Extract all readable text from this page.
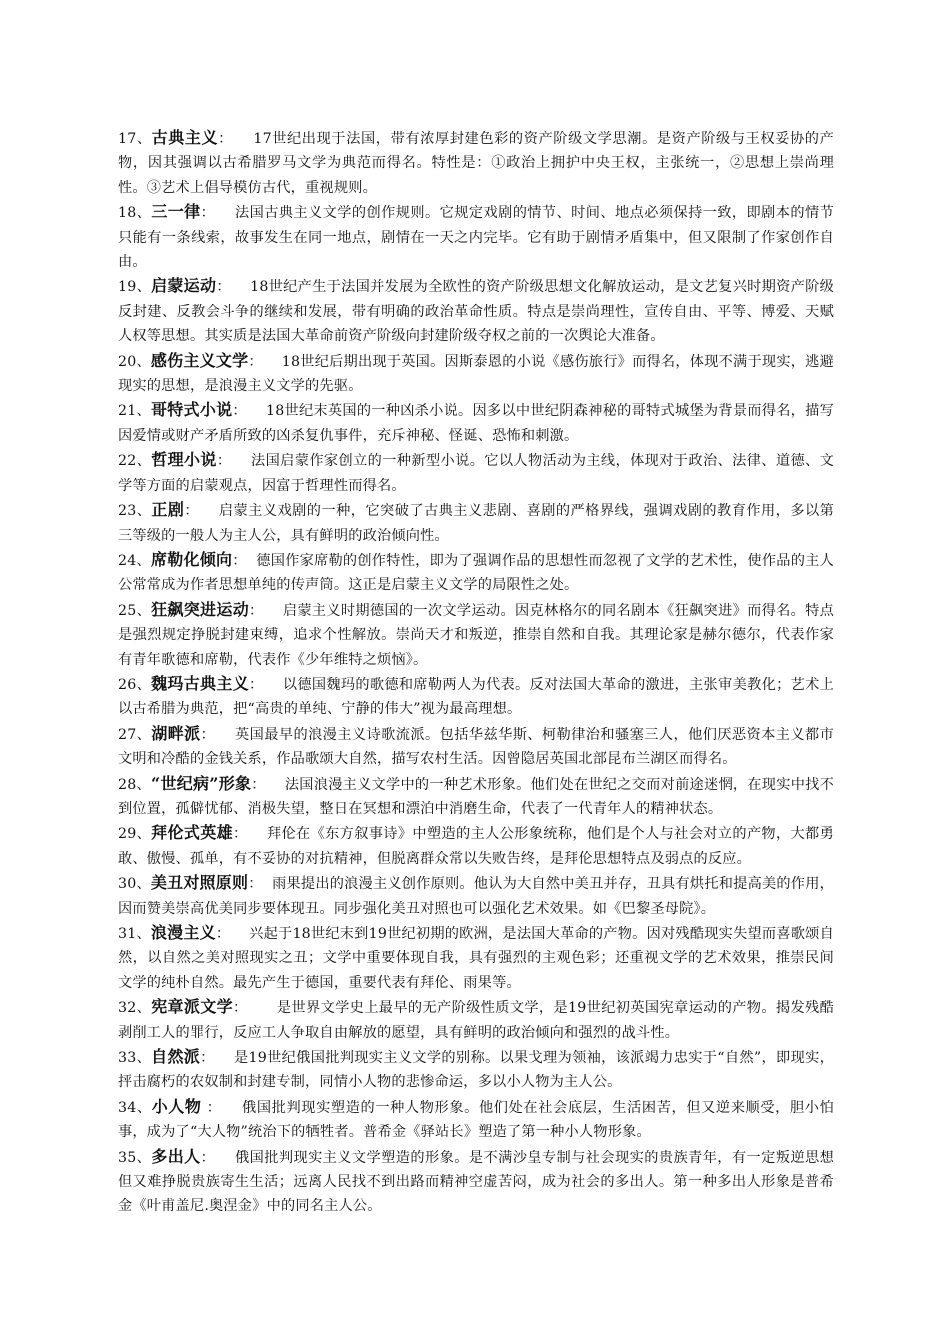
17、古典主义：    17世纪出现于法国，带有浓厚封建色彩的资产阶级文学思潮。是资产阶级与王权妥协的产物，因其强调以古希腊罗马文学为典范而得名。特性是：①政治上拥护中央王权，主张统一，②思想上崇尚理性。③艺术上倡导模仿古代，重视规则。

18、三一律：    法国古典主义文学的创作规则。它规定戏剧的情节、时间、地点必须保持一致，即剧本的情节只能有一条线索，故事发生在同一地点，剧情在一天之内完毕。它有助于剧情矛盾集中，但又限制了作家创作自由。

19、启蒙运动：    18世纪产生于法国并发展为全欧性的资产阶级思想文化解放运动，是文艺复兴时期资产阶级反封建、反教会斗争的继续和发展，带有明确的政治革命性质。特点是崇尚理性，宣传自由、平等、博爱、天赋人权等思想。其实质是法国大革命前资产阶级向封建阶级夺权之前的一次舆论大准备。

20、感伤主义文学：    18世纪后期出现于英国。因斯泰恩的小说《感伤旅行》而得名，体现不满于现实，逃避现实的思想，是浪漫主义文学的先驱。

21、哥特式小说：    18世纪末英国的一种凶杀小说。因多以中世纪阴森神秘的哥特式城堡为背景而得名，描写因爱情或财产矛盾所致的凶杀复仇事件，充斥神秘、怪诞、恐怖和刺激。

22、哲理小说：    法国启蒙作家创立的一种新型小说。它以人物活动为主线，体现对于政治、法律、道德、文学等方面的启蒙观点，因富于哲理性而得名。

23、正剧：    启蒙主义戏剧的一种，它突破了古典主义悲剧、喜剧的严格界线，强调戏剧的教育作用，多以第三等级的一般人为主人公，具有鲜明的政治倾向性。

24、席勒化倾向：  德国作家席勒的创作特性，即为了强调作品的思想性而忽视了文学的艺术性，使作品的主人公常常成为作者思想单纯的传声筒。这正是启蒙主义文学的局限性之处。

25、狂飙突进运动：    启蒙主义时期德国的一次文学运动。因克林格尔的同名剧本《狂飙突进》而得名。特点是强烈规定挣脱封建束缚，追求个性解放。崇尚天才和叛逆，推崇自然和自我。其理论家是赫尔德尔，代表作家有青年歌德和席勒，代表作《少年维特之烦恼》。

26、魏玛古典主义：    以德国魏玛的歌德和席勒两人为代表。反对法国大革命的激进，主张审美教化；艺术上以古希腊为典范，把“高贵的单纯、宁静的伟大”视为最高理想。

27、湖畔派：    英国最早的浪漫主义诗歌流派。包括华兹华斯、柯勒律治和骚塞三人，他们厌恶资本主义都市文明和冷酷的金钱关系，作品歌颂大自然，描写农村生活。因曾隐居英国北部昆布兰湖区而得名。

28、“世纪病”形象：    法国浪漫主义文学中的一种艺术形象。他们处在世纪之交而对前途迷惘，在现实中找不到位置，孤僻忧郁、消极失望，整日在冥想和漂泊中消磨生命，代表了一代青年人的精神状态。

29、拜伦式英雄：    拜伦在《东方叙事诗》中塑造的主人公形象统称，他们是个人与社会对立的产物，大都勇敢、傲慢、孤单，有不妥协的对抗精神，但脱离群众常以失败告终，是拜伦思想特点及弱点的反应。

30、美丑对照原则：  雨果提出的浪漫主义创作原则。他认为大自然中美丑并存，丑具有烘托和提高美的作用，因而赞美崇高优美同步要体现丑。同步强化美丑对照也可以强化艺术效果。如《巴黎圣母院》。

31、浪漫主义：    兴起于18世纪末到19世纪初期的欧洲，是法国大革命的产物。因对残酷现实失望而喜歌颂自然，以自然之美对照现实之丑；文学中重要体现自我，具有强烈的主观色彩；还重视文学的艺术效果，推崇民间文学的纯朴自然。最先产生于德国，重要代表有拜伦、雨果等。

32、宪章派文学：      是世界文学史上最早的无产阶级性质文学，是19世纪初英国宪章运动的产物。揭发残酷剥削工人的罪行，反应工人争取自由解放的愿望，具有鲜明的政治倾向和强烈的战斗性。

33、自然派：    是19世纪俄国批判现实主义文学的别称。以果戈理为领袖，该派竭力忠实于“自然”，即现实，抨击腐朽的农奴制和封建专制，同情小人物的悲惨命运，多以小人物为主人公。

34、小人物 ：    俄国批判现实塑造的一种人物形象。他们处在社会底层，生活困苦，但又逆来顺受，胆小怕事，成为了“大人物”统治下的牺牲者。普希金《驿站长》塑造了第一种小人物形象。

35、多出人：    俄国批判现实主义文学塑造的形象。是不满沙皇专制与社会现实的贵族青年，有一定叛逆思想但又难挣脱贵族寄生生活；远离人民找不到出路而精神空虚苦闷，成为社会的多出人。第一种多出人形象是普希金《叶甫盖尼.奥涅金》中的同名主人公。
